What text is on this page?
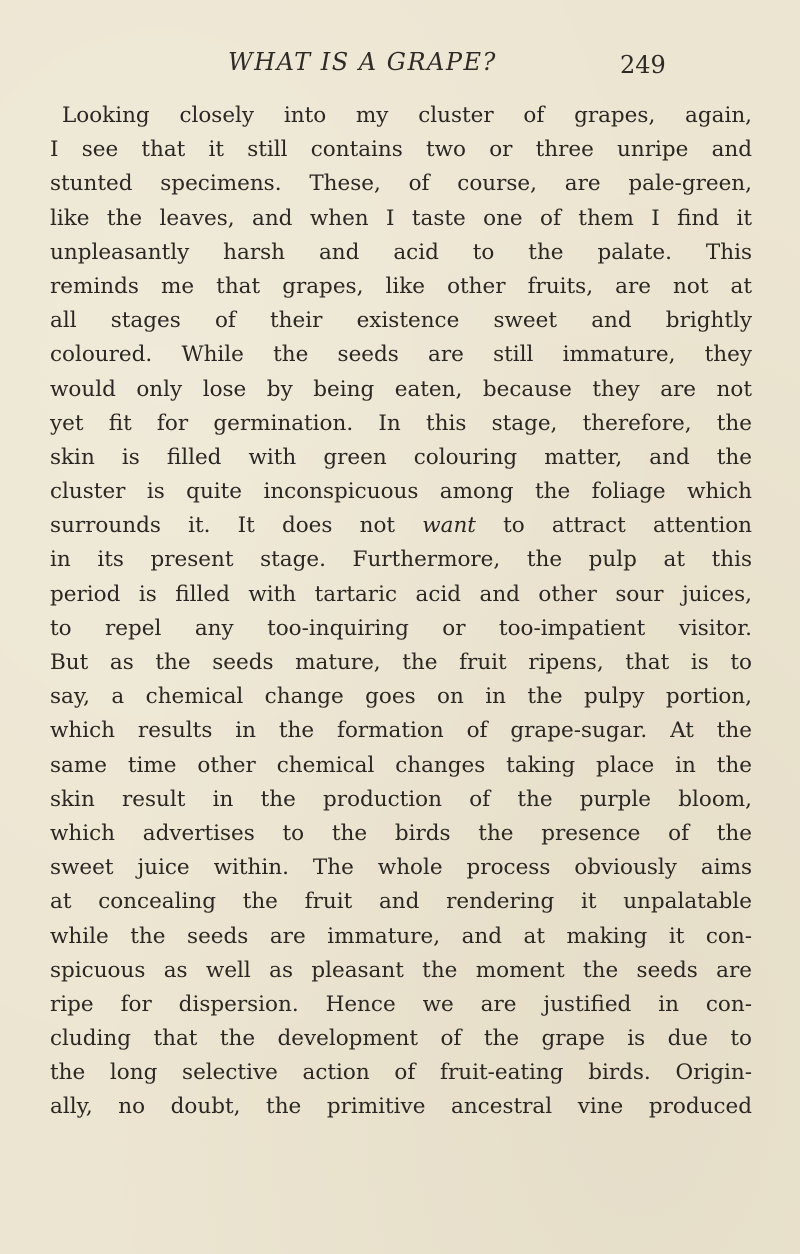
WHAT IS A GRAPE?	249
Looking closely into my cluster of grapes, again,
I see that it still contains two or three unripe and
stunted specimens. These, of course, are pale-green,
like the leaves, and when I taste one of them I find it
unpleasantly harsh and acid to the palate. This
reminds me that grapes, like other fruits, are not at
all stages of their existence sweet and brightly
coloured. While the seeds are still immature, they
would only lose by being eaten, because they are not
yet fit for germination. In this stage, therefore, the
skin is filled with green colouring matter, and the
cluster is quite inconspicuous among the foliage which
surrounds it. It does not want to attract attention
in its present stage. Furthermore, the pulp at this
period is filled with tartaric acid and other sour juices,
to repel any too-inquiring or too-impatient visitor.
But as the seeds mature, the fruit ripens, that is to
say, a chemical change goes on in the pulpy portion,
which results in the formation of grape-sugar. At the
same time other chemical changes taking place in the
skin result in the production of the purple bloom,
which advertises to the birds the presence of the
sweet juice within. The whole process obviously aims
at concealing the fruit and rendering it unpalatable
while the seeds are immature, and at making it con-
spicuous as well as pleasant the moment the seeds are
ripe for dispersion. Hence we are justified in con-
cluding that the development of the grape is due to
the long selective action of fruit-eating birds. Origin-
ally, no doubt, the primitive ancestral vine produced
